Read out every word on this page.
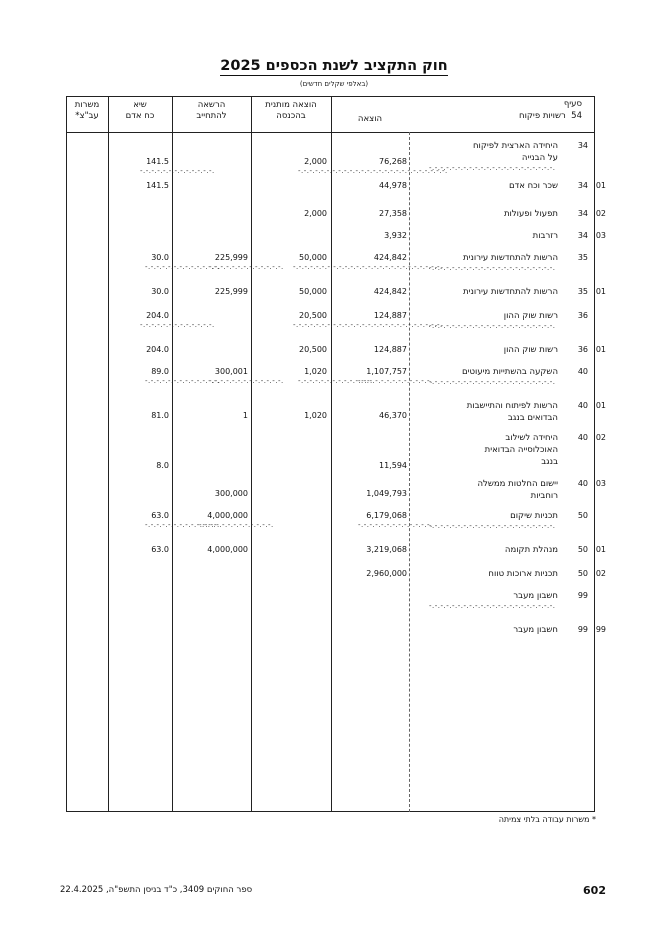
חוק התקציב לשנת הכספים 2025
(באלפי שקלים חדשים)
סעיף
54  רשויות פיקוח
הוצאה
הוצאה מותנית
בהכנסה
הרשאה
להתחייב
שיא
כח אדם
משרות
עב"צ*
34
היחידה הארצית לפיקוח
על הבנייה
76,268
2,000
141.5
-.-.-.-.-.-.-.-.-.-.-.-.-.-.-.-.-.-.-.-.-.-.
-.-.-.-.-.-.-.-.-.-.-.-.-.
-.-.-.-.-.-.-.-.-.-.-.-.-.
-.-.-.-.-.-.-.-.-.-.-.-.-.
34 01
שכר וכח אדם
44,978
141.5
34 02
תפעול ופעולות
27,358
2,000
34 03
רזרבות
3,932
35
הרשות להתחדשות עירונית
424,842
50,000
225,999
30.0
-.-.-.-.-.-.-.-.-.-.-.-.-.-.-.-.-.-.-.-.-.-.
-.-.-.-.-.-.-.-.-.-.-.-.-.
-.-.-.-.-.-.-.-.-.-.-.-.-.
-.-.-.-.-.-.-.-.-.-.-.-.-.
-.-.-.-.-.-.-.-.-.-.-.-.-.
35 01
הרשות להתחדשות עירונית
424,842
50,000
225,999
30.0
36
רשות שוק ההון
124,887
20,500
204.0
-.-.-.-.-.-.-.-.-.-.-.-.-.-.-.-.-.-.-.-.-.-.
-.-.-.-.-.-.-.-.-.-.-.-.-.
-.-.-.-.-.-.-.-.-.-.-.-.-.
-.-.-.-.-.-.-.-.-.-.-.-.-.
36 01
רשות שוק ההון
124,887
20,500
204.0
40
השקעה בהשתייות מיעוטים
1,107,757
1,020
300,001
89.0
-.-.-.-.-.-.-.-.-.-.-.-.-.-.-.-.-.-.-.-.-.-.
-.-.-.-.-.-.-.-.-.-.-.-.-.
-.-.-.-.-.-.-.-.-.-.-.-.-.
-.-.-.-.-.-.-.-.-.-.-.-.-.
-.-.-.-.-.-.-.-.-.-.-.-.-.
40 01
הרשות לפיתוח והתיישבות
הבדואים בנגב
46,370
1,020
1
81.0
40 02
היחידה לשילוב
האוכלוסייה הבדואית
בנגב
11,594
8.0
40 03
יישום החלטות ממשלה
רוחביות
1,049,793
300,000
50
תכניות שיקום
6,179,068
4,000,000
63.0
-.-.-.-.-.-.-.-.-.-.-.-.-.-.-.-.-.-.-.-.-.-.
-.-.-.-.-.-.-.-.-.-.-.-.-.
-.-.-.-.-.-.-.-.-.-.-.-.-.
-.-.-.-.-.-.-.-.-.-.-.-.-.
50 01
מנהלת תקומה
3,219,068
4,000,000
63.0
50 02
תכניות ארוכות טווח
2,960,000
99
חשבון מעבר
-.-.-.-.-.-.-.-.-.-.-.-.-.-.-.-.-.-.-.-.-.-.
99 99
חשבון מעבר
* משרות עבודה בלתי צמיתה
ספר החוקים 3409, כ"ד בניסן התשפ"ה, 22.4.2025	602
